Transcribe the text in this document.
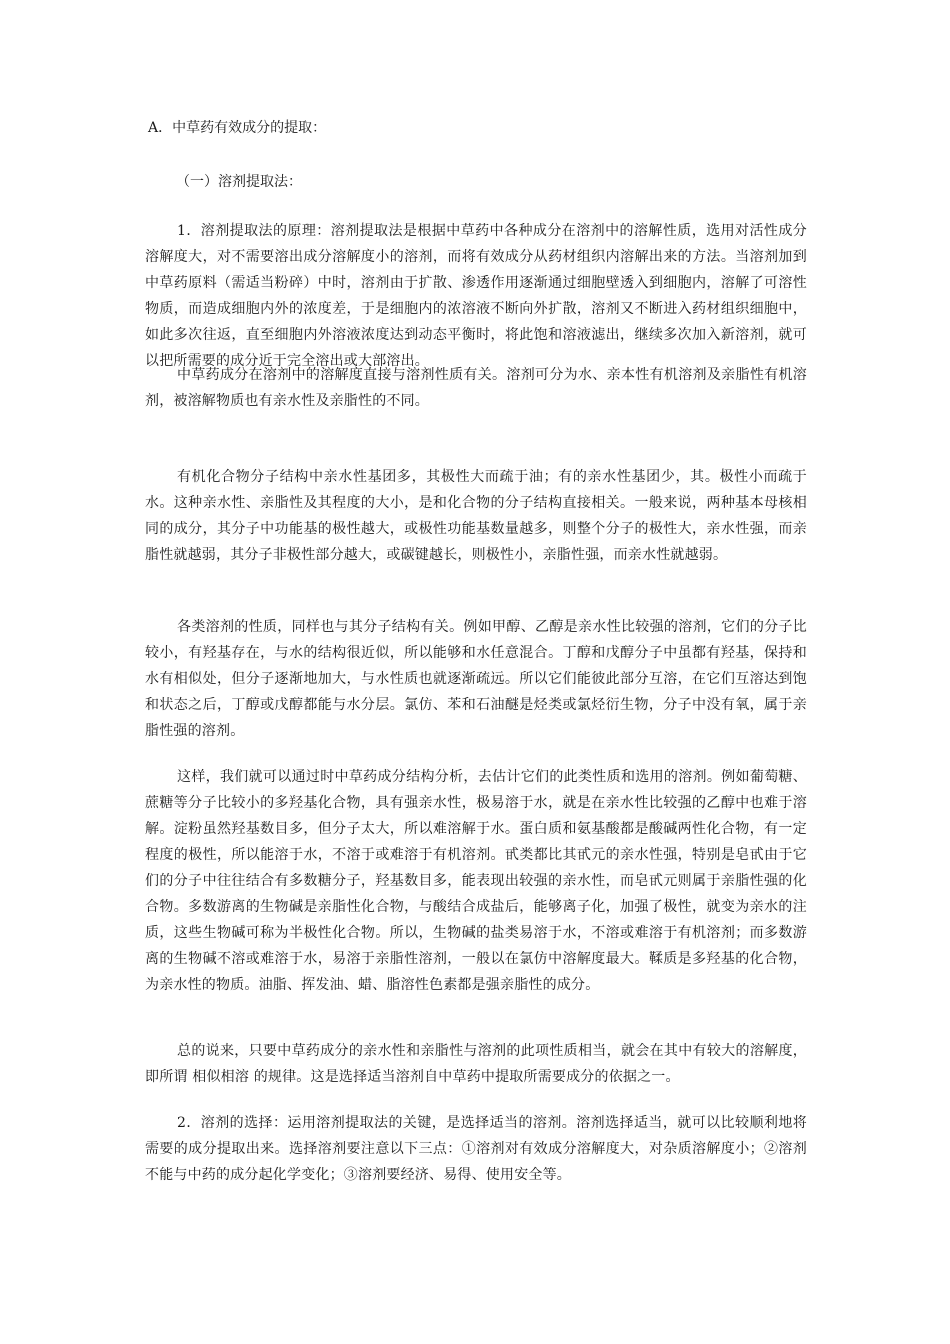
A．中草药有效成分的提取：
（一）溶剂提取法：

1．溶剂提取法的原理：溶剂提取法是根据中草药中各种成分在溶剂中的溶解性质，选用对活性成分溶解度大，对不需要溶出成分溶解度小的溶剂，而将有效成分从药材组织内溶解出来的方法。当溶剂加到中草药原料（需适当粉碎）中时，溶剂由于扩散、渗透作用逐渐通过细胞壁透入到细胞内，溶解了可溶性物质，而造成细胞内外的浓度差，于是细胞内的浓溶液不断向外扩散，溶剂又不断进入药材组织细胞中，如此多次往返，直至细胞内外溶液浓度达到动态平衡时，将此饱和溶液滤出，继续多次加入新溶剂，就可以把所需要的成分近于完全溶出或大部溶出。

中草药成分在溶剂中的溶解度直接与溶剂性质有关。溶剂可分为水、亲本性有机溶剂及亲脂性有机溶剂，被溶解物质也有亲水性及亲脂性的不同。

有机化合物分子结构中亲水性基团多，其极性大而疏于油；有的亲水性基团少，其。极性小而疏于水。这种亲水性、亲脂性及其程度的大小，是和化合物的分子结构直接相关。一般来说，两种基本母核相同的成分，其分子中功能基的极性越大，或极性功能基数量越多，则整个分子的极性大，亲水性强，而亲脂性就越弱，其分子非极性部分越大，或碳键越长，则极性小，亲脂性强，而亲水性就越弱。

各类溶剂的性质，同样也与其分子结构有关。例如甲醇、乙醇是亲水性比较强的溶剂，它们的分子比较小，有羟基存在，与水的结构很近似，所以能够和水任意混合。丁醇和戊醇分子中虽都有羟基，保持和水有相似处，但分子逐渐地加大，与水性质也就逐渐疏远。所以它们能彼此部分互溶，在它们互溶达到饱和状态之后，丁醇或戊醇都能与水分层。氯仿、苯和石油醚是烃类或氯烃衍生物，分子中没有氧，属于亲脂性强的溶剂。

这样，我们就可以通过时中草药成分结构分析，去估计它们的此类性质和选用的溶剂。例如葡萄糖、蔗糖等分子比较小的多羟基化合物，具有强亲水性，极易溶于水，就是在亲水性比较强的乙醇中也难于溶解。淀粉虽然羟基数目多，但分子太大，所以难溶解于水。蛋白质和氨基酸都是酸碱两性化合物，有一定程度的极性，所以能溶于水，不溶于或难溶于有机溶剂。甙类都比其甙元的亲水性强，特别是皂甙由于它们的分子中往往结合有多数糖分子，羟基数目多，能表现出较强的亲水性，而皂甙元则属于亲脂性强的化合物。多数游离的生物碱是亲脂性化合物，与酸结合成盐后，能够离子化，加强了极性，就变为亲水的注质，这些生物碱可称为半极性化合物。所以，生物碱的盐类易溶于水，不溶或难溶于有机溶剂；而多数游离的生物碱不溶或难溶于水，易溶于亲脂性溶剂，一般以在氯仿中溶解度最大。鞣质是多羟基的化合物，为亲水性的物质。油脂、挥发油、蜡、脂溶性色素都是强亲脂性的成分。

总的说来，只要中草药成分的亲水性和亲脂性与溶剂的此项性质相当，就会在其中有较大的溶解度，即所谓 相似相溶 的规律。这是选择适当溶剂自中草药中提取所需要成分的依据之一。

2．溶剂的选择：运用溶剂提取法的关键，是选择适当的溶剂。溶剂选择适当，就可以比较顺利地将需要的成分提取出来。选择溶剂要注意以下三点：①溶剂对有效成分溶解度大，对杂质溶解度小；②溶剂不能与中药的成分起化学变化；③溶剂要经济、易得、使用安全等。
